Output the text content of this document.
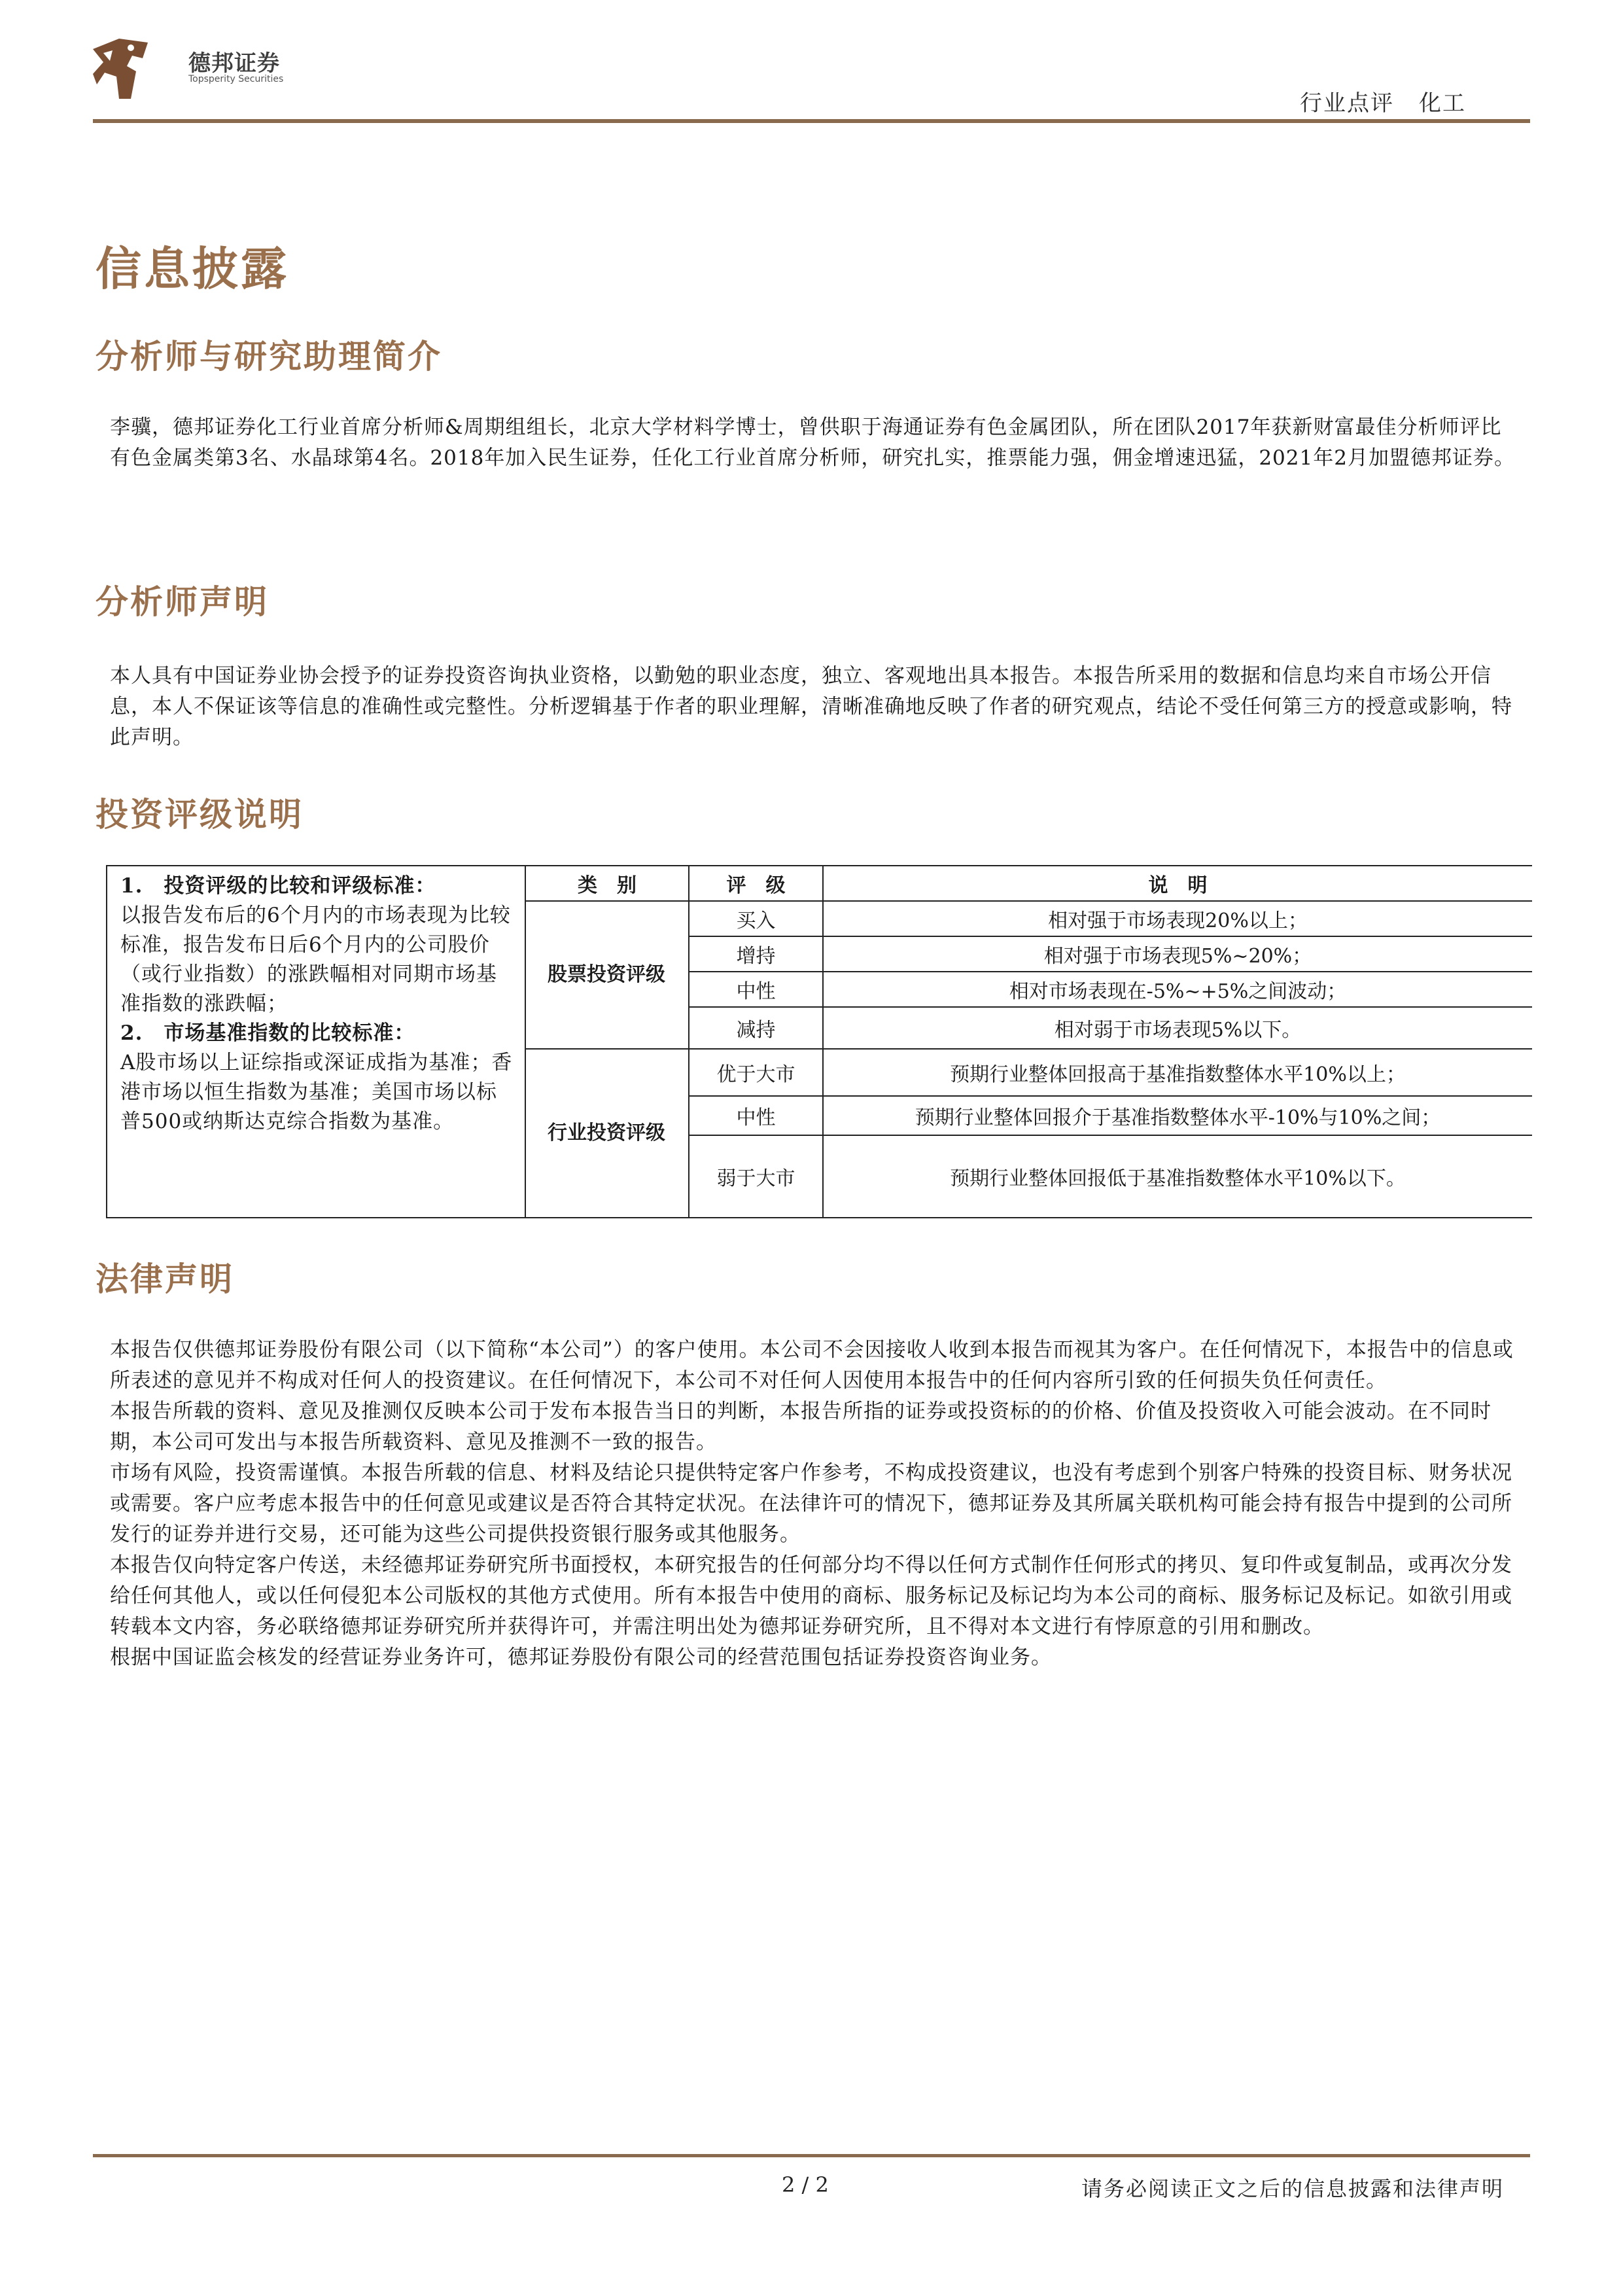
德邦证券
Topsperity Securities
行业点评 化工
信息披露
分析师与研究助理简介

李骥，德邦证券化工行业首席分析师&周期组组长，北京大学材料学博士，曾供职于海通证券有色金属团队，所在团队2017年获新财富最佳分析师评比有色金属类第3名、水晶球第4名。2018年加入民生证券，任化工行业首席分析师，研究扎实，推票能力强，佣金增速迅猛，2021年2月加盟德邦证券。

分析师声明

本人具有中国证券业协会授予的证券投资咨询执业资格，以勤勉的职业态度，独立、客观地出具本报告。本报告所采用的数据和信息均来自市场公开信息，本人不保证该等信息的准确性或完整性。分析逻辑基于作者的职业理解，清晰准确地反映了作者的研究观点，结论不受任何第三方的授意或影响，特此声明。

投资评级说明

1.　投资评级的比较和评级标准：

以报告发布后的6个月内的市场表现为比较标准，报告发布日后6个月内的公司股价（或行业指数）的涨跌幅相对同期市场基准指数的涨跌幅；

2.　市场基准指数的比较标准：

A股市场以上证综指或深证成指为基准；香港市场以恒生指数为基准；美国市场以标普500或纳斯达克综合指数为基准。

类　别	评　级	说　明
股票投资评级
买入	相对强于市场表现20%以上；
增持	相对强于市场表现5%~20%；
中性	相对市场表现在-5%~+5%之间波动；
减持	相对弱于市场表现5%以下。
行业投资评级
优于大市	预期行业整体回报高于基准指数整体水平10%以上；
中性	预期行业整体回报介于基准指数整体水平-10%与10%之间；
弱于大市	预期行业整体回报低于基准指数整体水平10%以下。
法律声明

本报告仅供德邦证券股份有限公司（以下简称“本公司”）的客户使用。本公司不会因接收人收到本报告而视其为客户。在任何情况下，本报告中的信息或所表述的意见并不构成对任何人的投资建议。在任何情况下，本公司不对任何人因使用本报告中的任何内容所引致的任何损失负任何责任。

本报告所载的资料、意见及推测仅反映本公司于发布本报告当日的判断，本报告所指的证券或投资标的的价格、价值及投资收入可能会波动。在不同时期，本公司可发出与本报告所载资料、意见及推测不一致的报告。

市场有风险，投资需谨慎。本报告所载的信息、材料及结论只提供特定客户作参考，不构成投资建议，也没有考虑到个别客户特殊的投资目标、财务状况或需要。客户应考虑本报告中的任何意见或建议是否符合其特定状况。在法律许可的情况下，德邦证券及其所属关联机构可能会持有报告中提到的公司所发行的证券并进行交易，还可能为这些公司提供投资银行服务或其他服务。

本报告仅向特定客户传送，未经德邦证券研究所书面授权，本研究报告的任何部分均不得以任何方式制作任何形式的拷贝、复印件或复制品，或再次分发给任何其他人，或以任何侵犯本公司版权的其他方式使用。所有本报告中使用的商标、服务标记及标记均为本公司的商标、服务标记及标记。如欲引用或转载本文内容，务必联络德邦证券研究所并获得许可，并需注明出处为德邦证券研究所，且不得对本文进行有悖原意的引用和删改。

根据中国证监会核发的经营证券业务许可，德邦证券股份有限公司的经营范围包括证券投资咨询业务。

2 / 2	请务必阅读正文之后的信息披露和法律声明
